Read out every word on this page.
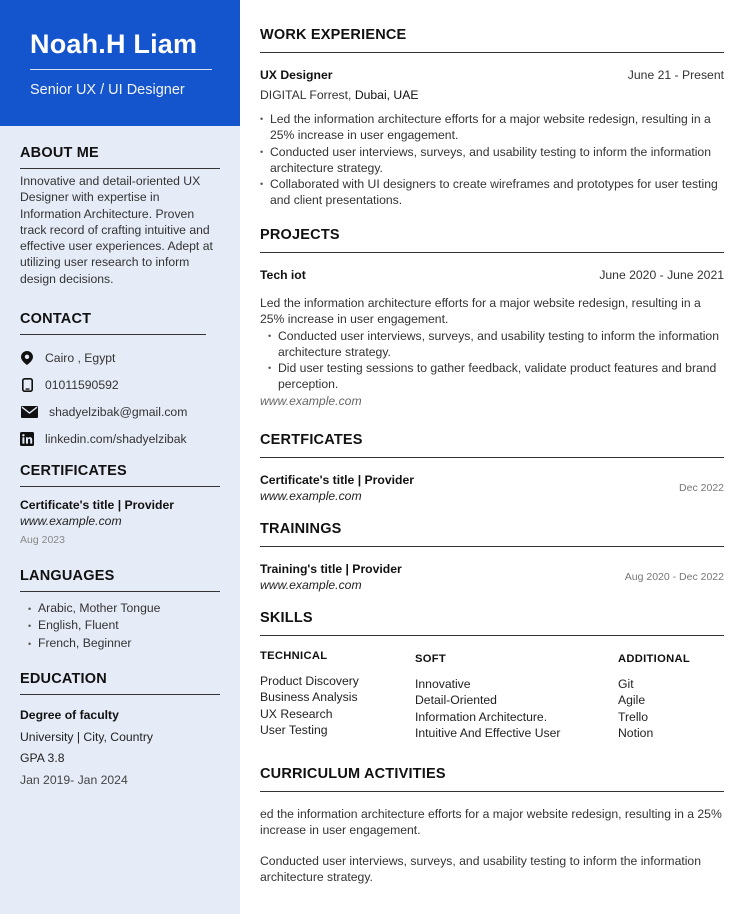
Noah.H Liam
Senior UX / UI Designer
ABOUT ME
Innovative and detail-oriented UX Designer with expertise in Information Architecture. Proven track record of crafting intuitive and effective user experiences. Adept at utilizing user research to inform design decisions.
CONTACT
Cairo , Egypt
01011590592
shadyelzibak@gmail.com
linkedin.com/shadyelzibak
CERTIFICATES
Certificate's title | Provider
www.example.com
Aug 2023
LANGUAGES
• Arabic, Mother Tongue
• English, Fluent
• French, Beginner
EDUCATION
Degree of faculty
University | City, Country
GPA 3.8
Jan 2019- Jan 2024
WORK EXPERIENCE
UX Designer	June 21 - Present
DIGITAL Forrest, Dubai, UAE
• Led the information architecture efforts for a major website redesign, resulting in a 25% increase in user engagement.
• Conducted user interviews, surveys, and usability testing to inform the information architecture strategy.
• Collaborated with UI designers to create wireframes and prototypes for user testing and client presentations.
PROJECTS
Tech iot	June 2020 - June 2021
Led the information architecture efforts for a major website redesign, resulting in a 25% increase in user engagement.
• Conducted user interviews, surveys, and usability testing to inform the information architecture strategy.
• Did user testing sessions to gather feedback, validate product features and brand perception.
www.example.com
CERTFICATES
Certificate's title | Provider
www.example.com
Dec 2022
TRAININGS
Training's title | Provider
www.example.com
Aug 2020 - Dec 2022
SKILLS
TECHNICAL
Product Discovery
Business Analysis
UX Research
User Testing
SOFT
Innovative
Detail-Oriented
Information Architecture.
Intuitive And Effective User
ADDITIONAL
Git
Agile
Trello
Notion
CURRICULUM ACTIVITIES
ed the information architecture efforts for a major website redesign, resulting in a 25% increase in user engagement.
Conducted user interviews, surveys, and usability testing to inform the information architecture strategy.
